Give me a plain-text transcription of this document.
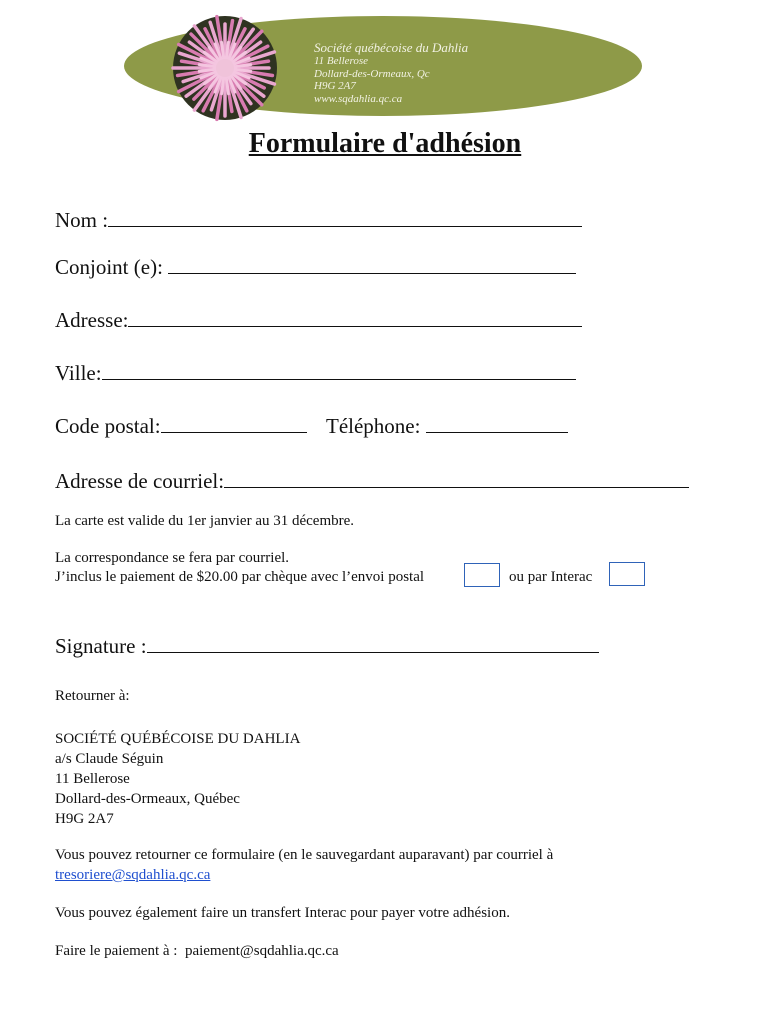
Société québécoise du Dahlia
11 Bellerose
Dollard-des-Ormeaux, Qc
H9G 2A7
www.sqdahlia.qc.ca
Formulaire d'adhésion
Nom :
Conjoint (e):
Adresse:
Ville:
Code postal:	Téléphone:
Adresse de courriel:
La carte est valide du 1er janvier au 31 décembre.
La correspondance se fera par courriel.
J’inclus le paiement de $20.00 par chèque avec l’envoi postal	ou par Interac
Signature :
Retourner à:
SOCIÉTÉ QUÉBÉCOISE DU DAHLIA
a/s Claude Séguin
11 Bellerose
Dollard-des-Ormeaux, Québec
H9G 2A7
Vous pouvez retourner ce formulaire (en le sauvegardant auparavant) par courriel à
tresoriere@sqdahlia.qc.ca
Vous pouvez également faire un transfert Interac pour payer votre adhésion.
Faire le paiement à : paiement@sqdahlia.qc.ca
